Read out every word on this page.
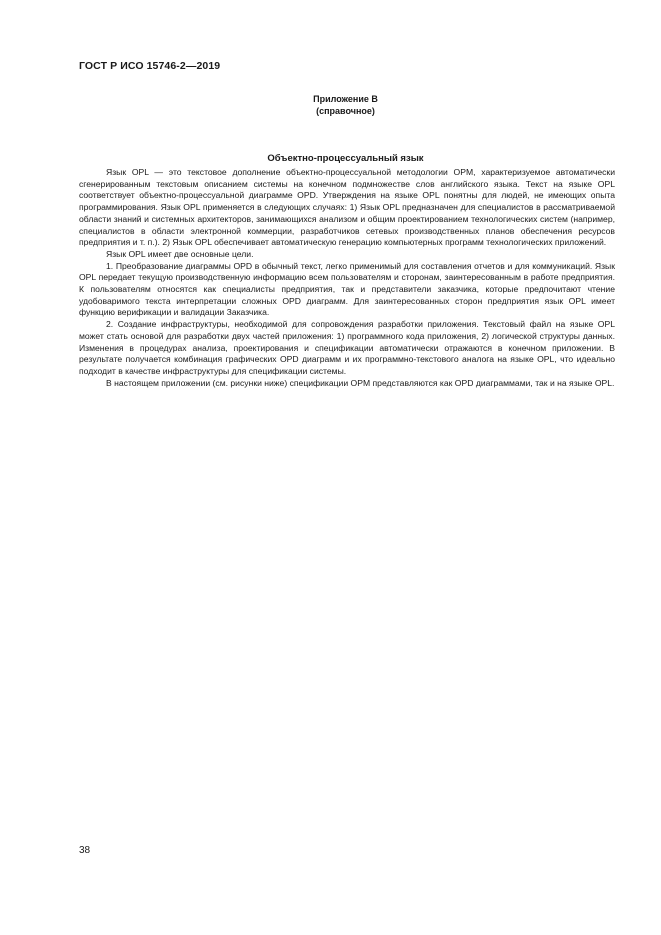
ГОСТ Р ИСО 15746-2—2019
Приложение В
(справочное)
Объектно-процессуальный язык

Язык OPL — это текстовое дополнение объектно-процессуальной методологии OPM, характеризуемое автоматически сгенерированным текстовым описанием системы на конечном подмножестве слов английского языка. Текст на языке OPL соответствует объектно-процессуальной диаграмме OPD. Утверждения на языке OPL понятны для людей, не имеющих опыта программирования. Язык OPL применяется в следующих случаях: 1) Язык OPL предназначен для специалистов в рассматриваемой области знаний и системных архитекторов, занимающихся анализом и общим проектированием технологических систем (например, специалистов в области электронной коммерции, разработчиков сетевых производственных планов обеспечения ресурсов предприятия и т. п.). 2) Язык OPL обеспечивает автоматическую генерацию компьютерных программ технологических приложений.

Язык OPL имеет две основные цели.

1. Преобразование диаграммы OPD в обычный текст, легко применимый для составления отчетов и для коммуникаций. Язык OPL передает текущую производственную информацию всем пользователям и сторонам, заинтересованным в работе предприятия. К пользователям относятся как специалисты предприятия, так и представители заказчика, которые предпочитают чтение удобоваримого текста интерпретации сложных OPD диаграмм. Для заинтересованных сторон предприятия язык OPL имеет функцию верификации и валидации Заказчика.

2. Создание инфраструктуры, необходимой для сопровождения разработки приложения. Текстовый файл на языке OPL может стать основой для разработки двух частей приложения: 1) программного кода приложения, 2) логической структуры данных. Изменения в процедурах анализа, проектирования и спецификации автоматически отражаются в конечном приложении. В результате получается комбинация графических OPD диаграмм и их программно-текстового аналога на языке OPL, что идеально подходит в качестве инфраструктуры для спецификации системы.

В настоящем приложении (см. рисунки ниже) спецификации OPM представляются как OPD диаграммами, так и на языке OPL.

38
